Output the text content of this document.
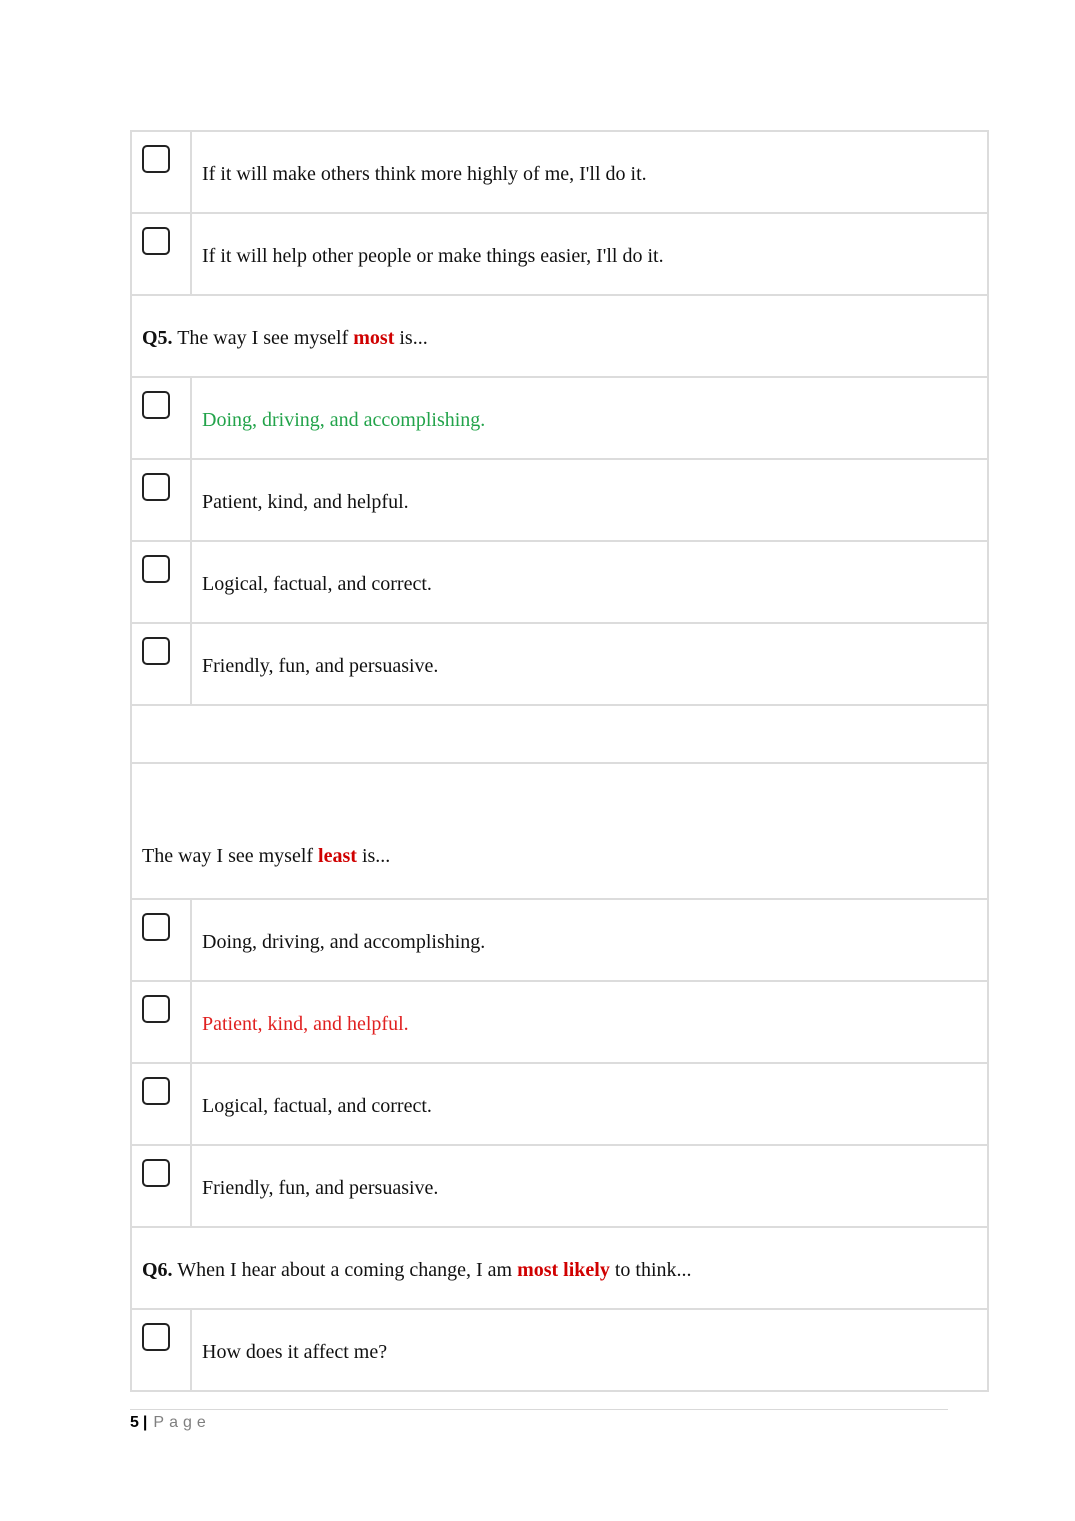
	If it will make others think more highly of me, I'll do it.

	If it will help other people or make things easier, I'll do it.
Q5. The way I see myself most is...	

	Doing, driving, and accomplishing.

	Patient, kind, and helpful.

	Logical, factual, and correct.

	Friendly, fun, and persuasive.

The way I see myself least is...	

	Doing, driving, and accomplishing.

	Patient, kind, and helpful.

	Logical, factual, and correct.

	Friendly, fun, and persuasive.
Q6. When I hear about a coming change, I am most likely to think...	

	How does it affect me?
5 | Page
